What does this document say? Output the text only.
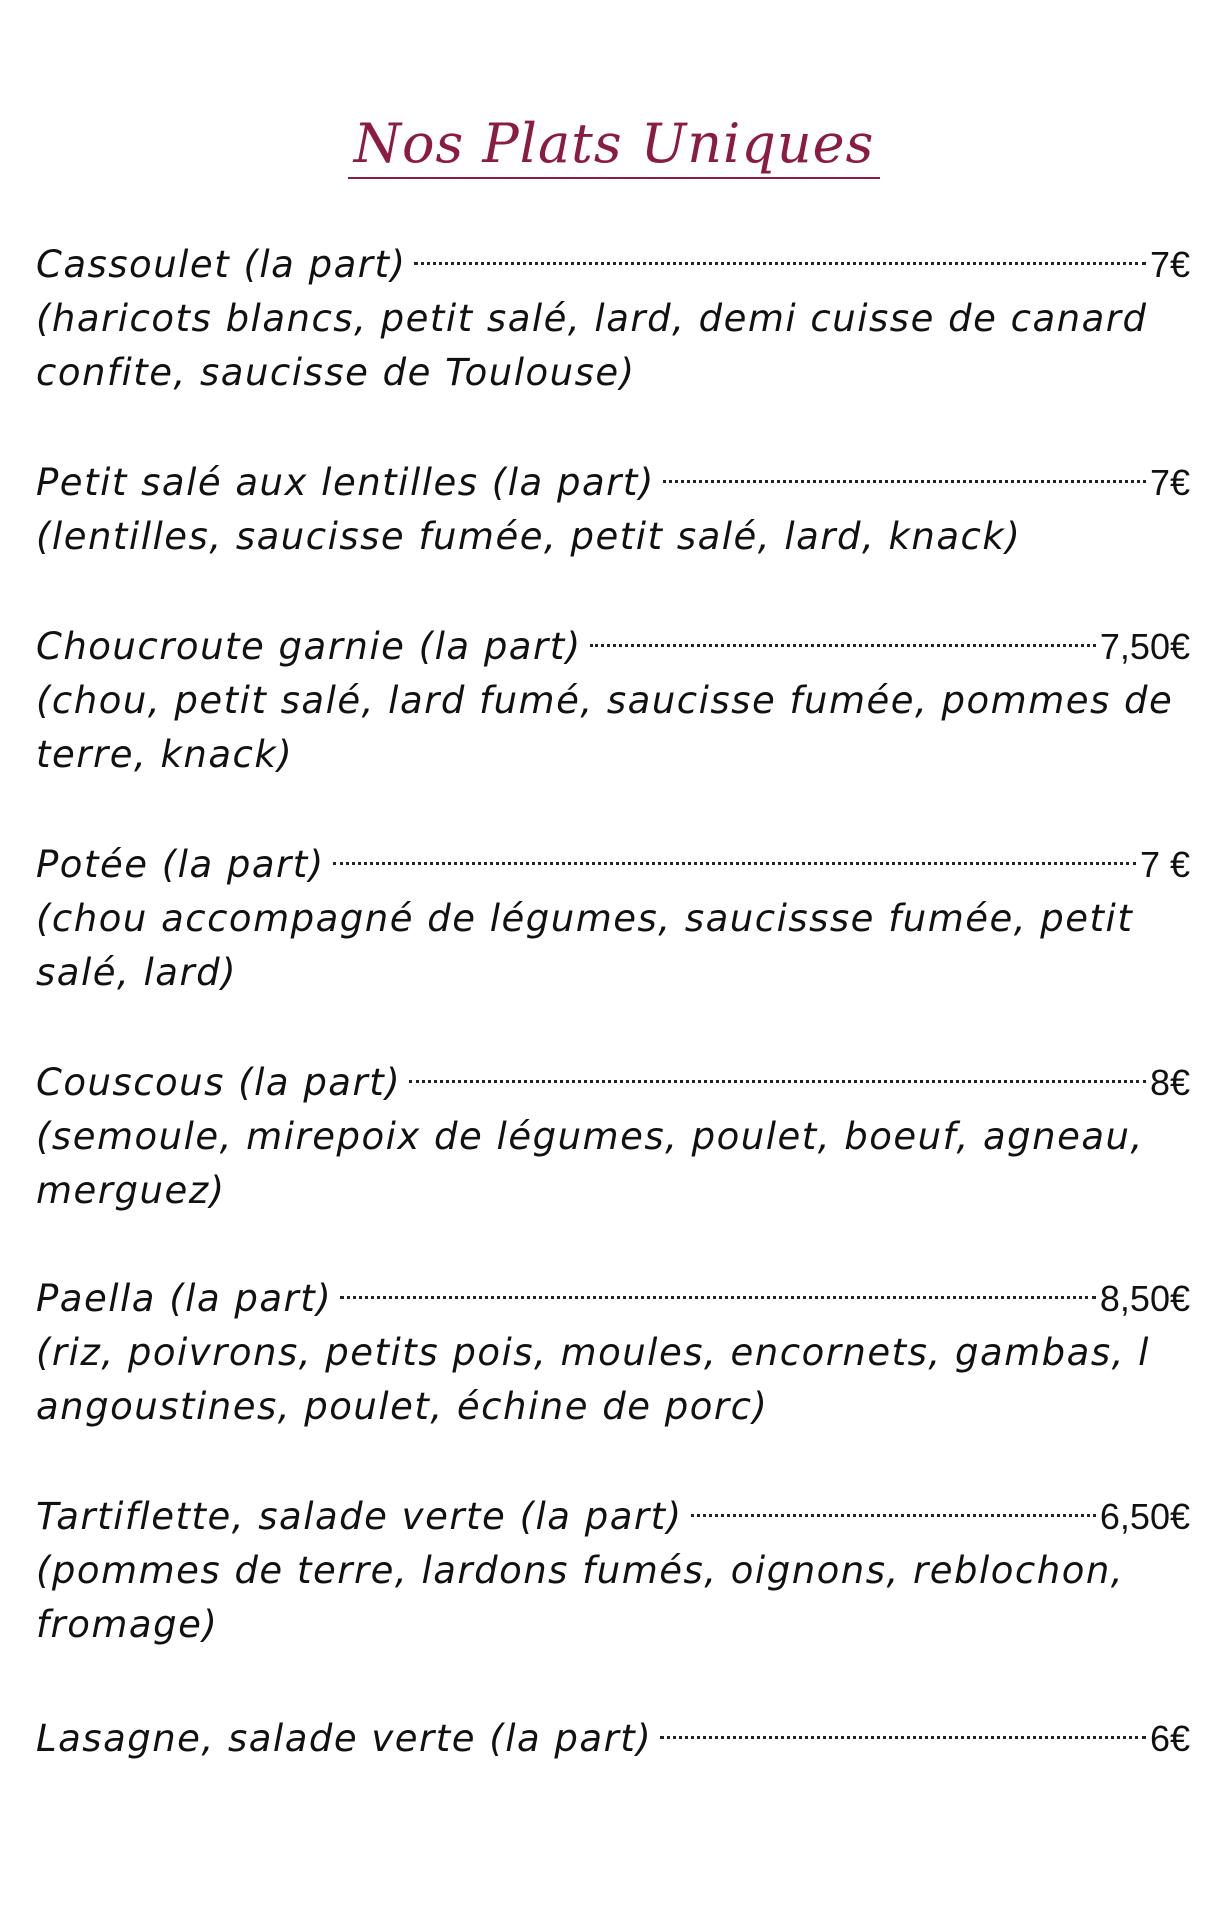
Nos Plats Uniques
Cassoulet (la part)	7€
(haricots blancs, petit salé, lard, demi cuisse de canard confite, saucisse de Toulouse)
Petit salé aux lentilles (la part)	7€
(lentilles, saucisse fumée, petit salé, lard, knack)
Choucroute garnie (la part)	7,50€
(chou, petit salé, lard fumé, saucisse fumée, pommes de terre, knack)
Potée (la part)	7 €
(chou accompagné de légumes, saucissse fumée, petit salé, lard)
Couscous (la part)	8€
(semoule, mirepoix de légumes, poulet, boeuf, agneau, merguez)
Paella (la part)	8,50€
(riz, poivrons, petits pois, moules, encornets, gambas, l angoustines, poulet, échine de porc)
Tartiflette, salade verte (la part)	6,50€
(pommes de terre, lardons fumés, oignons, reblochon, fromage)
Lasagne, salade verte (la part)	6€
